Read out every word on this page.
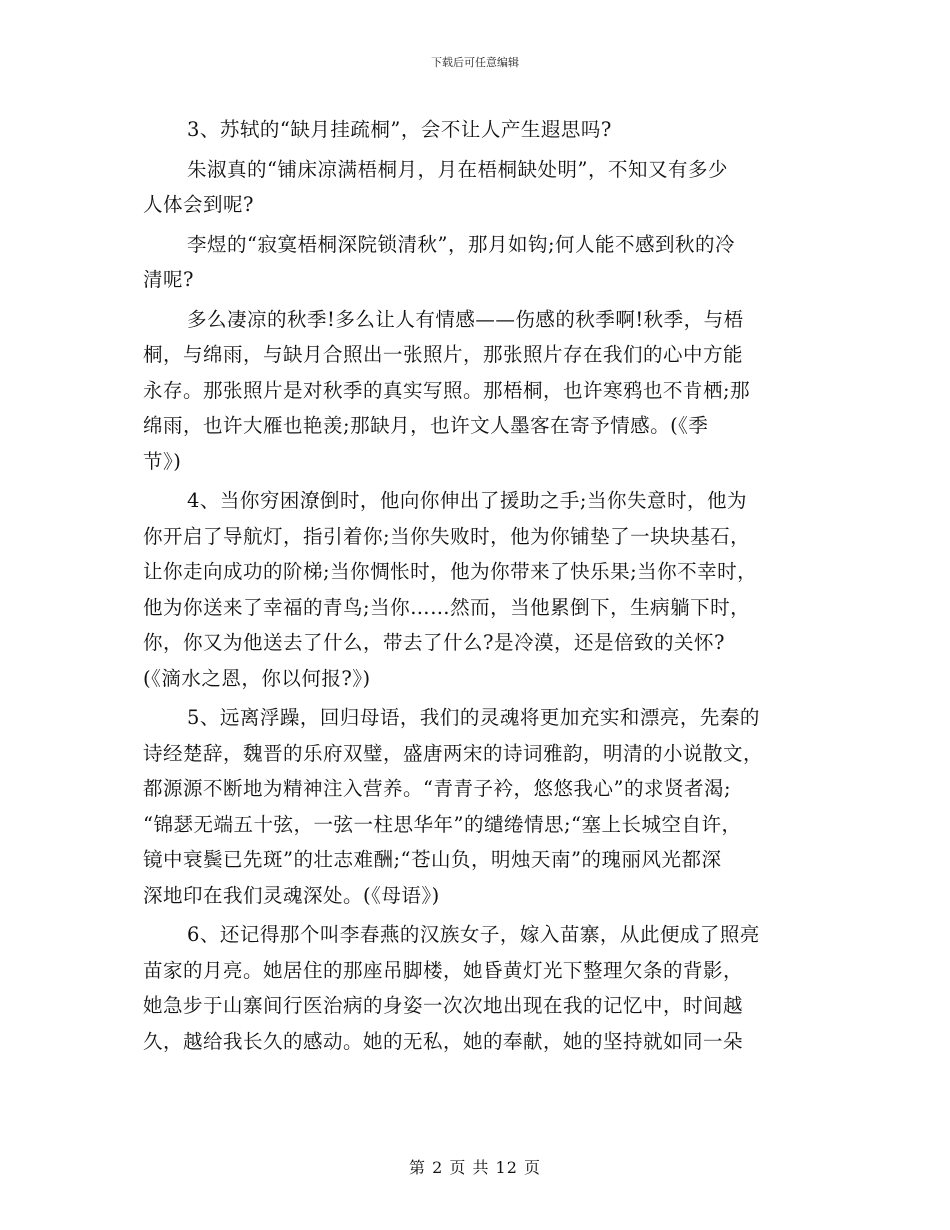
下载后可任意编辑
3、苏轼的“缺月挂疏桐”，会不让人产生遐思吗?
朱淑真的“铺床凉满梧桐月，月在梧桐缺处明”，不知又有多少
人体会到呢?
李煜的“寂寞梧桐深院锁清秋”，那月如钩;何人能不感到秋的冷
清呢?
多么凄凉的秋季!多么让人有情感——伤感的秋季啊!秋季，与梧
桐，与绵雨，与缺月合照出一张照片，那张照片存在我们的心中方能
永存。那张照片是对秋季的真实写照。那梧桐，也许寒鸦也不肯栖;那
绵雨，也许大雁也艳羡;那缺月，也许文人墨客在寄予情感。(《季
节》)
4、当你穷困潦倒时，他向你伸出了援助之手;当你失意时，他为
你开启了导航灯，指引着你;当你失败时，他为你铺垫了一块块基石，
让你走向成功的阶梯;当你惆怅时，他为你带来了快乐果;当你不幸时，
他为你送来了幸福的青鸟;当你……然而，当他累倒下，生病躺下时，
你，你又为他送去了什么，带去了什么?是冷漠，还是倍致的关怀?
(《滴水之恩，你以何报?》)
5、远离浮躁，回归母语，我们的灵魂将更加充实和漂亮，先秦的
诗经楚辞，魏晋的乐府双璧，盛唐两宋的诗词雅韵，明清的小说散文，
都源源不断地为精神注入营养。“青青子衿，悠悠我心”的求贤者渴;
“锦瑟无端五十弦，一弦一柱思华年”的缱绻情思;“塞上长城空自许，
镜中衰鬓已先斑”的壮志难酬;“苍山负，明烛天南”的瑰丽风光都深
深地印在我们灵魂深处。(《母语》)
6、还记得那个叫李春燕的汉族女子，嫁入苗寨，从此便成了照亮
苗家的月亮。她居住的那座吊脚楼，她昏黄灯光下整理欠条的背影，
她急步于山寨间行医治病的身姿一次次地出现在我的记忆中，时间越
久，越给我长久的感动。她的无私，她的奉献，她的坚持就如同一朵
第 2 页 共 12 页
